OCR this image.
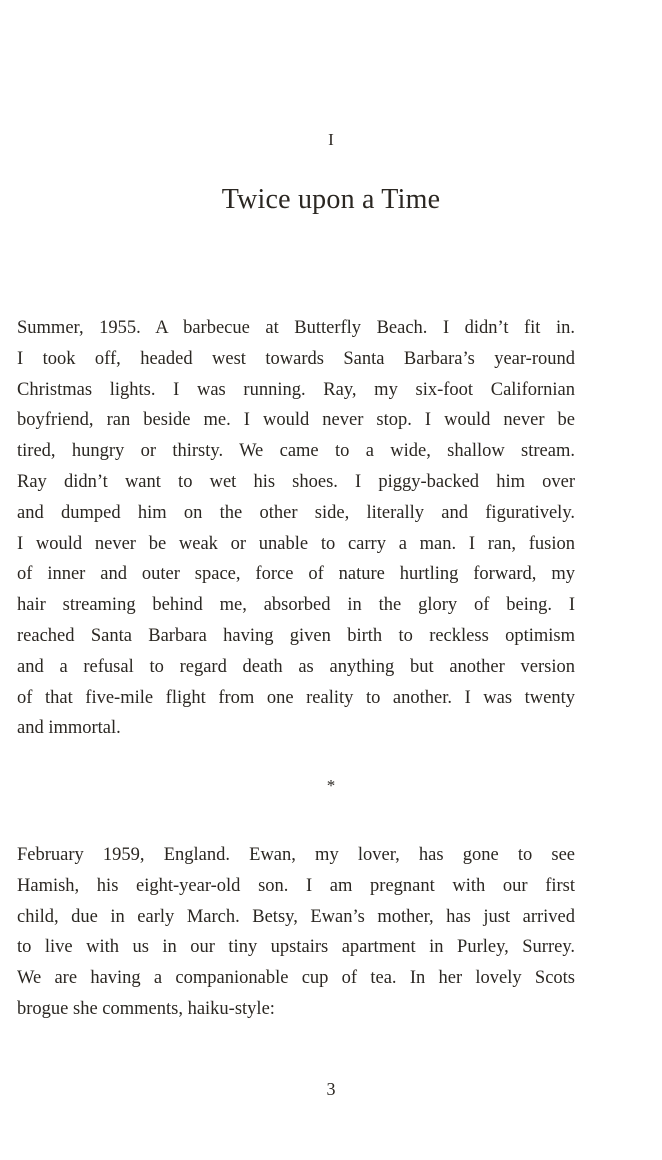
I
Twice upon a Time
Summer, 1955. A barbecue at Butterfly Beach. I didn’t fit in.
I took off, headed west towards Santa Barbara’s year-round
Christmas lights. I was running. Ray, my six-foot Californian
boyfriend, ran beside me. I would never stop. I would never be
tired, hungry or thirsty. We came to a wide, shallow stream.
Ray didn’t want to wet his shoes. I piggy-backed him over
and dumped him on the other side, literally and figuratively.
I would never be weak or unable to carry a man. I ran, fusion
of inner and outer space, force of nature hurtling forward, my
hair streaming behind me, absorbed in the glory of being. I
reached Santa Barbara having given birth to reckless optimism
and a refusal to regard death as anything but another version
of that five-mile flight from one reality to another. I was twenty
and immortal.
*
February 1959, England. Ewan, my lover, has gone to see
Hamish, his eight-year-old son. I am pregnant with our first
child, due in early March. Betsy, Ewan’s mother, has just arrived
to live with us in our tiny upstairs apartment in Purley, Surrey.
We are having a companionable cup of tea. In her lovely Scots
brogue she comments, haiku-style:
3
